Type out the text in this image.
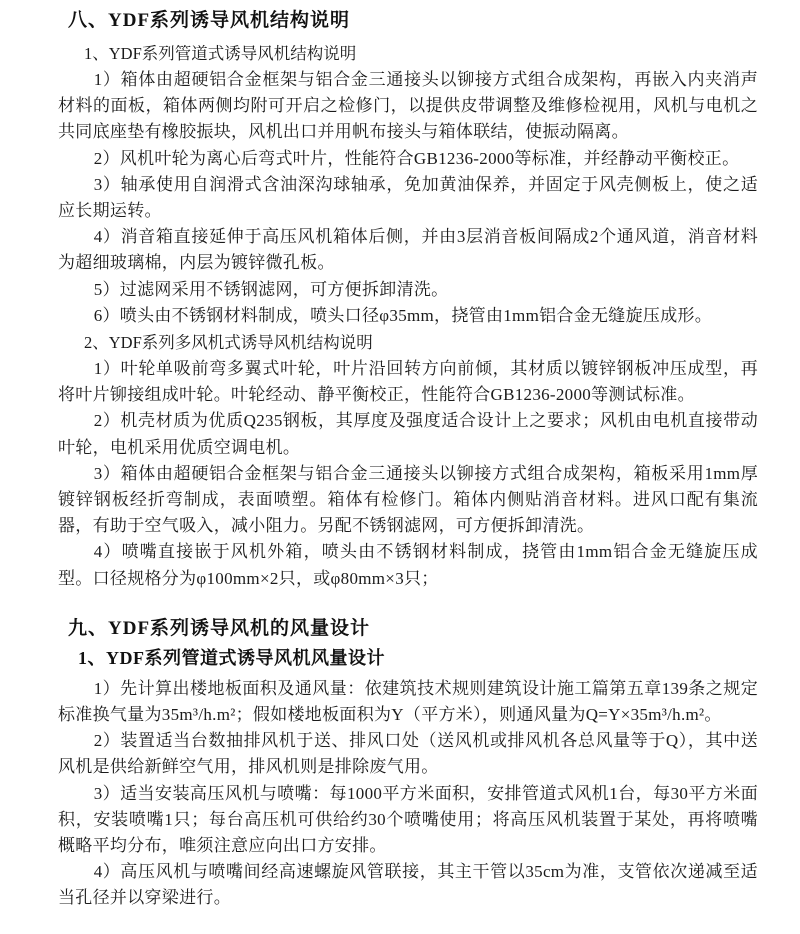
八、YDF系列诱导风机结构说明
1、YDF系列管道式诱导风机结构说明

1）箱体由超硬铝合金框架与铝合金三通接头以铆接方式组合成架构，再嵌入内夹消声材料的面板，箱体两侧均附可开启之检修门，以提供皮带调整及维修检视用，风机与电机之共同底座垫有橡胶振块，风机出口并用帆布接头与箱体联结，使振动隔离。

2）风机叶轮为离心后弯式叶片，性能符合GB1236-2000等标准，并经静动平衡校正。

3）轴承使用自润滑式含油深沟球轴承，免加黄油保养，并固定于风壳侧板上，使之适应长期运转。

4）消音箱直接延伸于高压风机箱体后侧，并由3层消音板间隔成2个通风道，消音材料为超细玻璃棉，内层为镀锌微孔板。

5）过滤网采用不锈钢滤网，可方便拆卸清洗。

6）喷头由不锈钢材料制成，喷头口径φ35mm，挠管由1mm铝合金无缝旋压成形。

2、YDF系列多风机式诱导风机结构说明

1）叶轮单吸前弯多翼式叶轮，叶片沿回转方向前倾，其材质以镀锌钢板冲压成型，再将叶片铆接组成叶轮。叶轮经动、静平衡校正，性能符合GB1236-2000等测试标准。

2）机壳材质为优质Q235钢板，其厚度及强度适合设计上之要求；风机由电机直接带动叶轮，电机采用优质空调电机。

3）箱体由超硬铝合金框架与铝合金三通接头以铆接方式组合成架构，箱板采用1mm厚镀锌钢板经折弯制成，表面喷塑。箱体有检修门。箱体内侧贴消音材料。进风口配有集流器，有助于空气吸入，减小阻力。另配不锈钢滤网，可方便拆卸清洗。

4）喷嘴直接嵌于风机外箱，喷头由不锈钢材料制成，挠管由1mm铝合金无缝旋压成型。口径规格分为φ100mm×2只，或φ80mm×3只；

九、YDF系列诱导风机的风量设计
1、YDF系列管道式诱导风机风量设计

1）先计算出楼地板面积及通风量：依建筑技术规则建筑设计施工篇第五章139条之规定标准换气量为35m³/h.m²；假如楼地板面积为Y（平方米），则通风量为Q=Y×35m³/h.m²。

2）装置适当台数抽排风机于送、排风口处（送风机或排风机各总风量等于Q），其中送风机是供给新鲜空气用，排风机则是排除废气用。

3）适当安装高压风机与喷嘴：每1000平方米面积，安排管道式风机1台，每30平方米面积，安装喷嘴1只；每台高压机可供给约30个喷嘴使用；将高压风机装置于某处，再将喷嘴概略平均分布，唯须注意应向出口方安排。

4）高压风机与喷嘴间经高速螺旋风管联接，其主干管以35cm为准，支管依次递减至适当孔径并以穿梁进行。
